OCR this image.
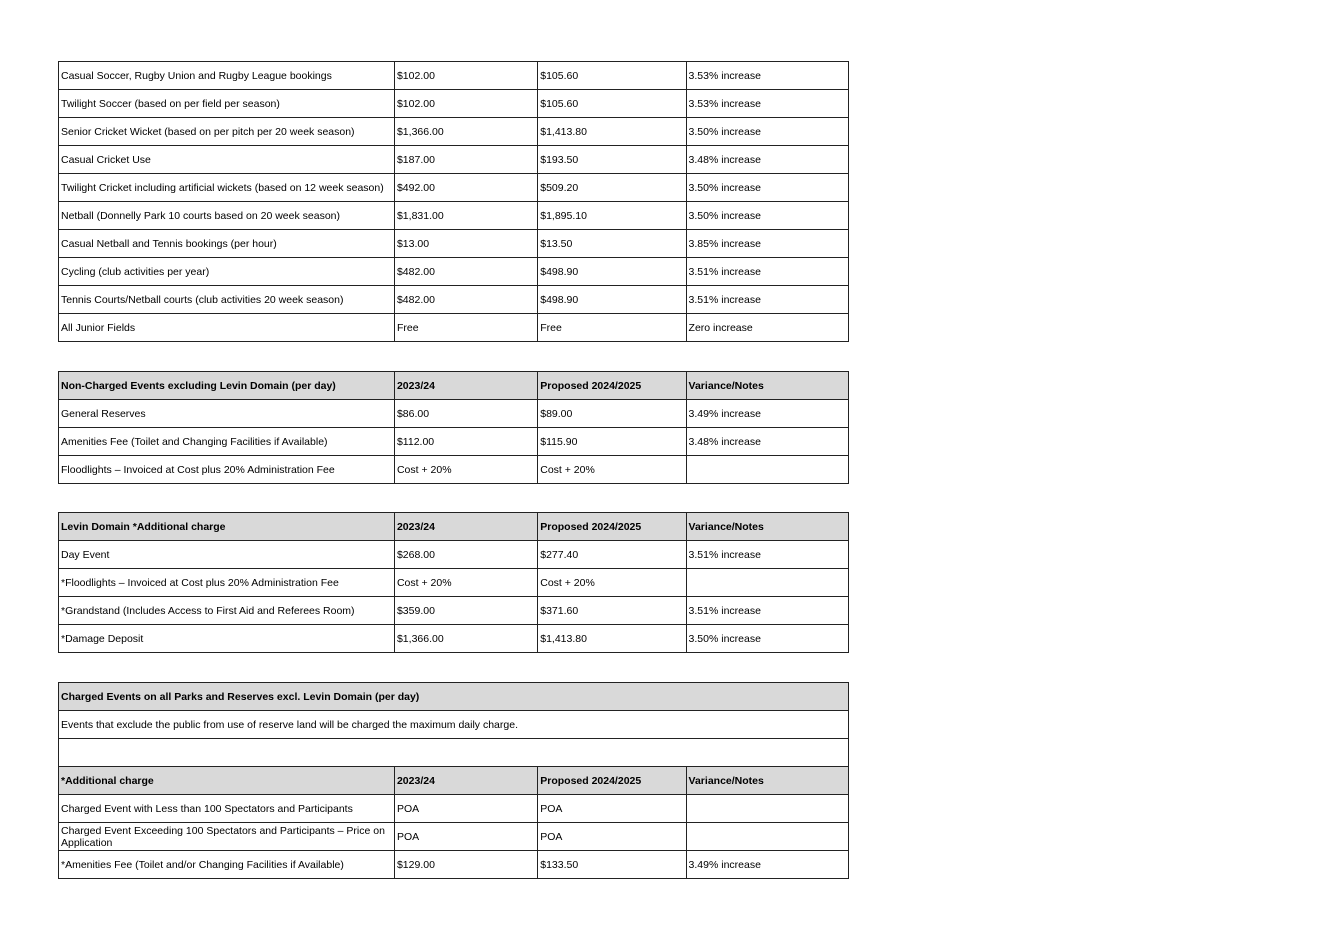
Casual Soccer, Rugby Union and Rugby League bookings	$102.00	$105.60	3.53% increase
Twilight Soccer (based on per field per season)	$102.00	$105.60	3.53% increase
Senior Cricket Wicket (based on per pitch per 20 week season)	$1,366.00	$1,413.80	3.50% increase
Casual Cricket Use	$187.00	$193.50	3.48% increase
Twilight Cricket including artificial wickets (based on 12 week season)	$492.00	$509.20	3.50% increase
Netball (Donnelly Park 10 courts based on 20 week season)	$1,831.00	$1,895.10	3.50% increase
Casual Netball and Tennis bookings (per hour)	$13.00	$13.50	3.85% increase
Cycling (club activities per year)	$482.00	$498.90	3.51% increase
Tennis Courts/Netball courts (club activities 20 week season)	$482.00	$498.90	3.51% increase
All Junior Fields	Free	Free	Zero increase
Non-Charged Events excluding Levin Domain (per day)	2023/24	Proposed 2024/2025	Variance/Notes
General Reserves	$86.00	$89.00	3.49% increase
Amenities Fee (Toilet and Changing Facilities if Available)	$112.00	$115.90	3.48% increase
Floodlights – Invoiced at Cost plus 20% Administration Fee	Cost + 20%	Cost + 20%	
Levin Domain *Additional charge	2023/24	Proposed 2024/2025	Variance/Notes
Day Event	$268.00	$277.40	3.51% increase
*Floodlights – Invoiced at Cost plus 20% Administration Fee	Cost + 20%	Cost + 20%	
*Grandstand (Includes Access to First Aid and Referees Room)	$359.00	$371.60	3.51% increase
*Damage Deposit	$1,366.00	$1,413.80	3.50% increase
Charged Events on all Parks and Reserves excl. Levin Domain (per day)			
Events that exclude the public from use of reserve land will be charged the maximum daily charge.			

*Additional charge	2023/24	Proposed 2024/2025	Variance/Notes
Charged Event with Less than 100 Spectators and Participants	POA	POA	
Charged Event Exceeding 100 Spectators and Participants – Price on Application	POA	POA	
*Amenities Fee (Toilet and/or Changing Facilities if Available)	$129.00	$133.50	3.49% increase
